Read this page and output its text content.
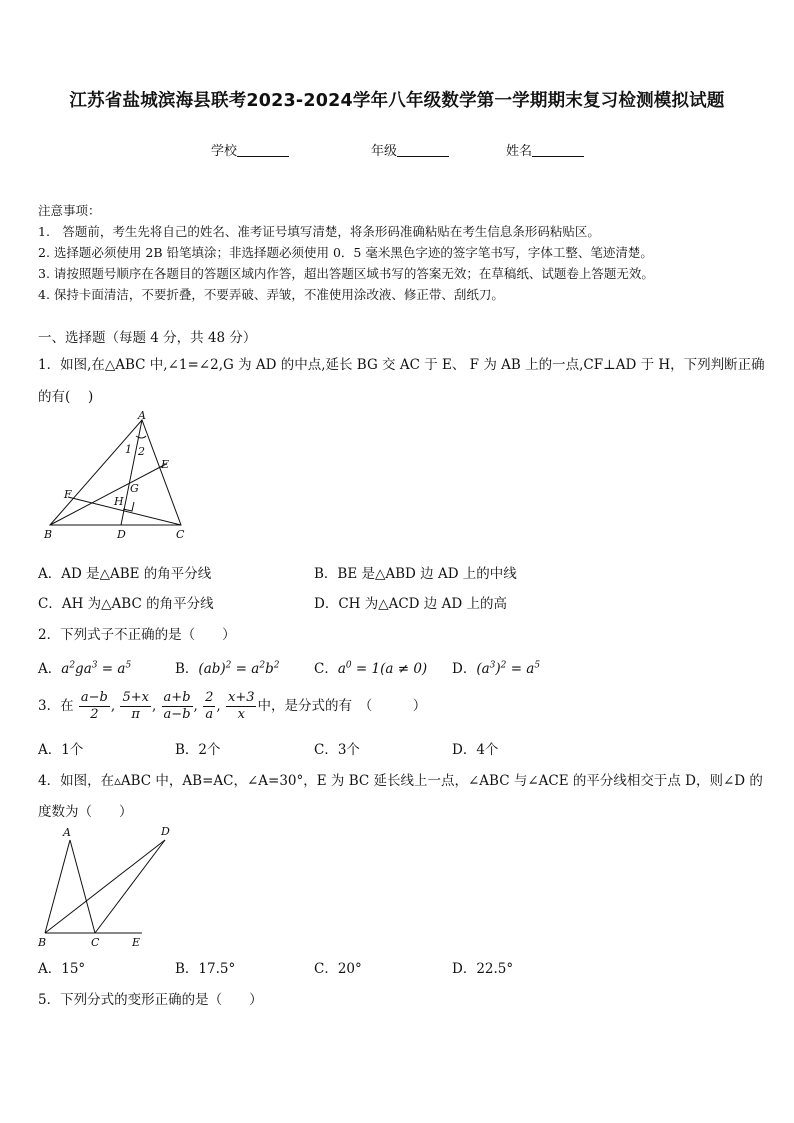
江苏省盐城滨海县联考2023-2024学年八年级数学第一学期期末复习检测模拟试题
学校	年级	姓名
注意事项：
1.　答题前，考生先将自己的姓名、准考证号填写清楚，将条形码准确粘贴在考生信息条形码粘贴区。
2. 选择题必须使用 2B 铅笔填涂；非选择题必须使用 0．5 毫米黑色字迹的签字笔书写，字体工整、笔迹清楚。
3. 请按照题号顺序在各题目的答题区域内作答，超出答题区域书写的答案无效；在草稿纸、试题卷上答题无效。
4. 保持卡面清洁，不要折叠，不要弄破、弄皱，不准使用涂改液、修正带、刮纸刀。
一、选择题（每题 4 分，共 48 分）
1．如图,在△ABC 中,∠1=∠2,G 为 AD 的中点,延长 BG 交 AC 于 E、 F 为 AB 上的一点,CF⊥AD 于 H，下列判断正确
的有(　 )
A
1 2
E
F	G
H
B	D	C
A．AD 是△ABE 的角平分线	B．BE 是△ABD 边 AD 上的中线
C．AH 为△ABC 的角平分线	D．CH 为△ACD 边 AD 上的高
2．下列式子不正确的是（　　）
A．$a^2ga^3 = a^5$	B．$(ab)^2 = a^2b^2$	C．$a^0 = 1(a \ne 0)$ D．$(a^3)^2 = a^5$
3．在 $\frac{a-b}{2}$ , $\frac{5+x}{\pi}$ , $\frac{a+b}{a-b}$ , $\frac{2}{a}$ , $\frac{x+3}{x}$ 中，是分式的有　（　　　）
A．1个	B．2个	C．3个	D．4个
4．如图，在▵ABC 中，AB=AC，∠A=30°，E 为 BC 延长线上一点，∠ABC 与∠ACE 的平分线相交于点 D，则∠D 的
度数为（　　）
A	D
B	C	E
A．15°	B．17.5°	C．20°	D．22.5°
5．下列分式的变形正确的是（　　）
